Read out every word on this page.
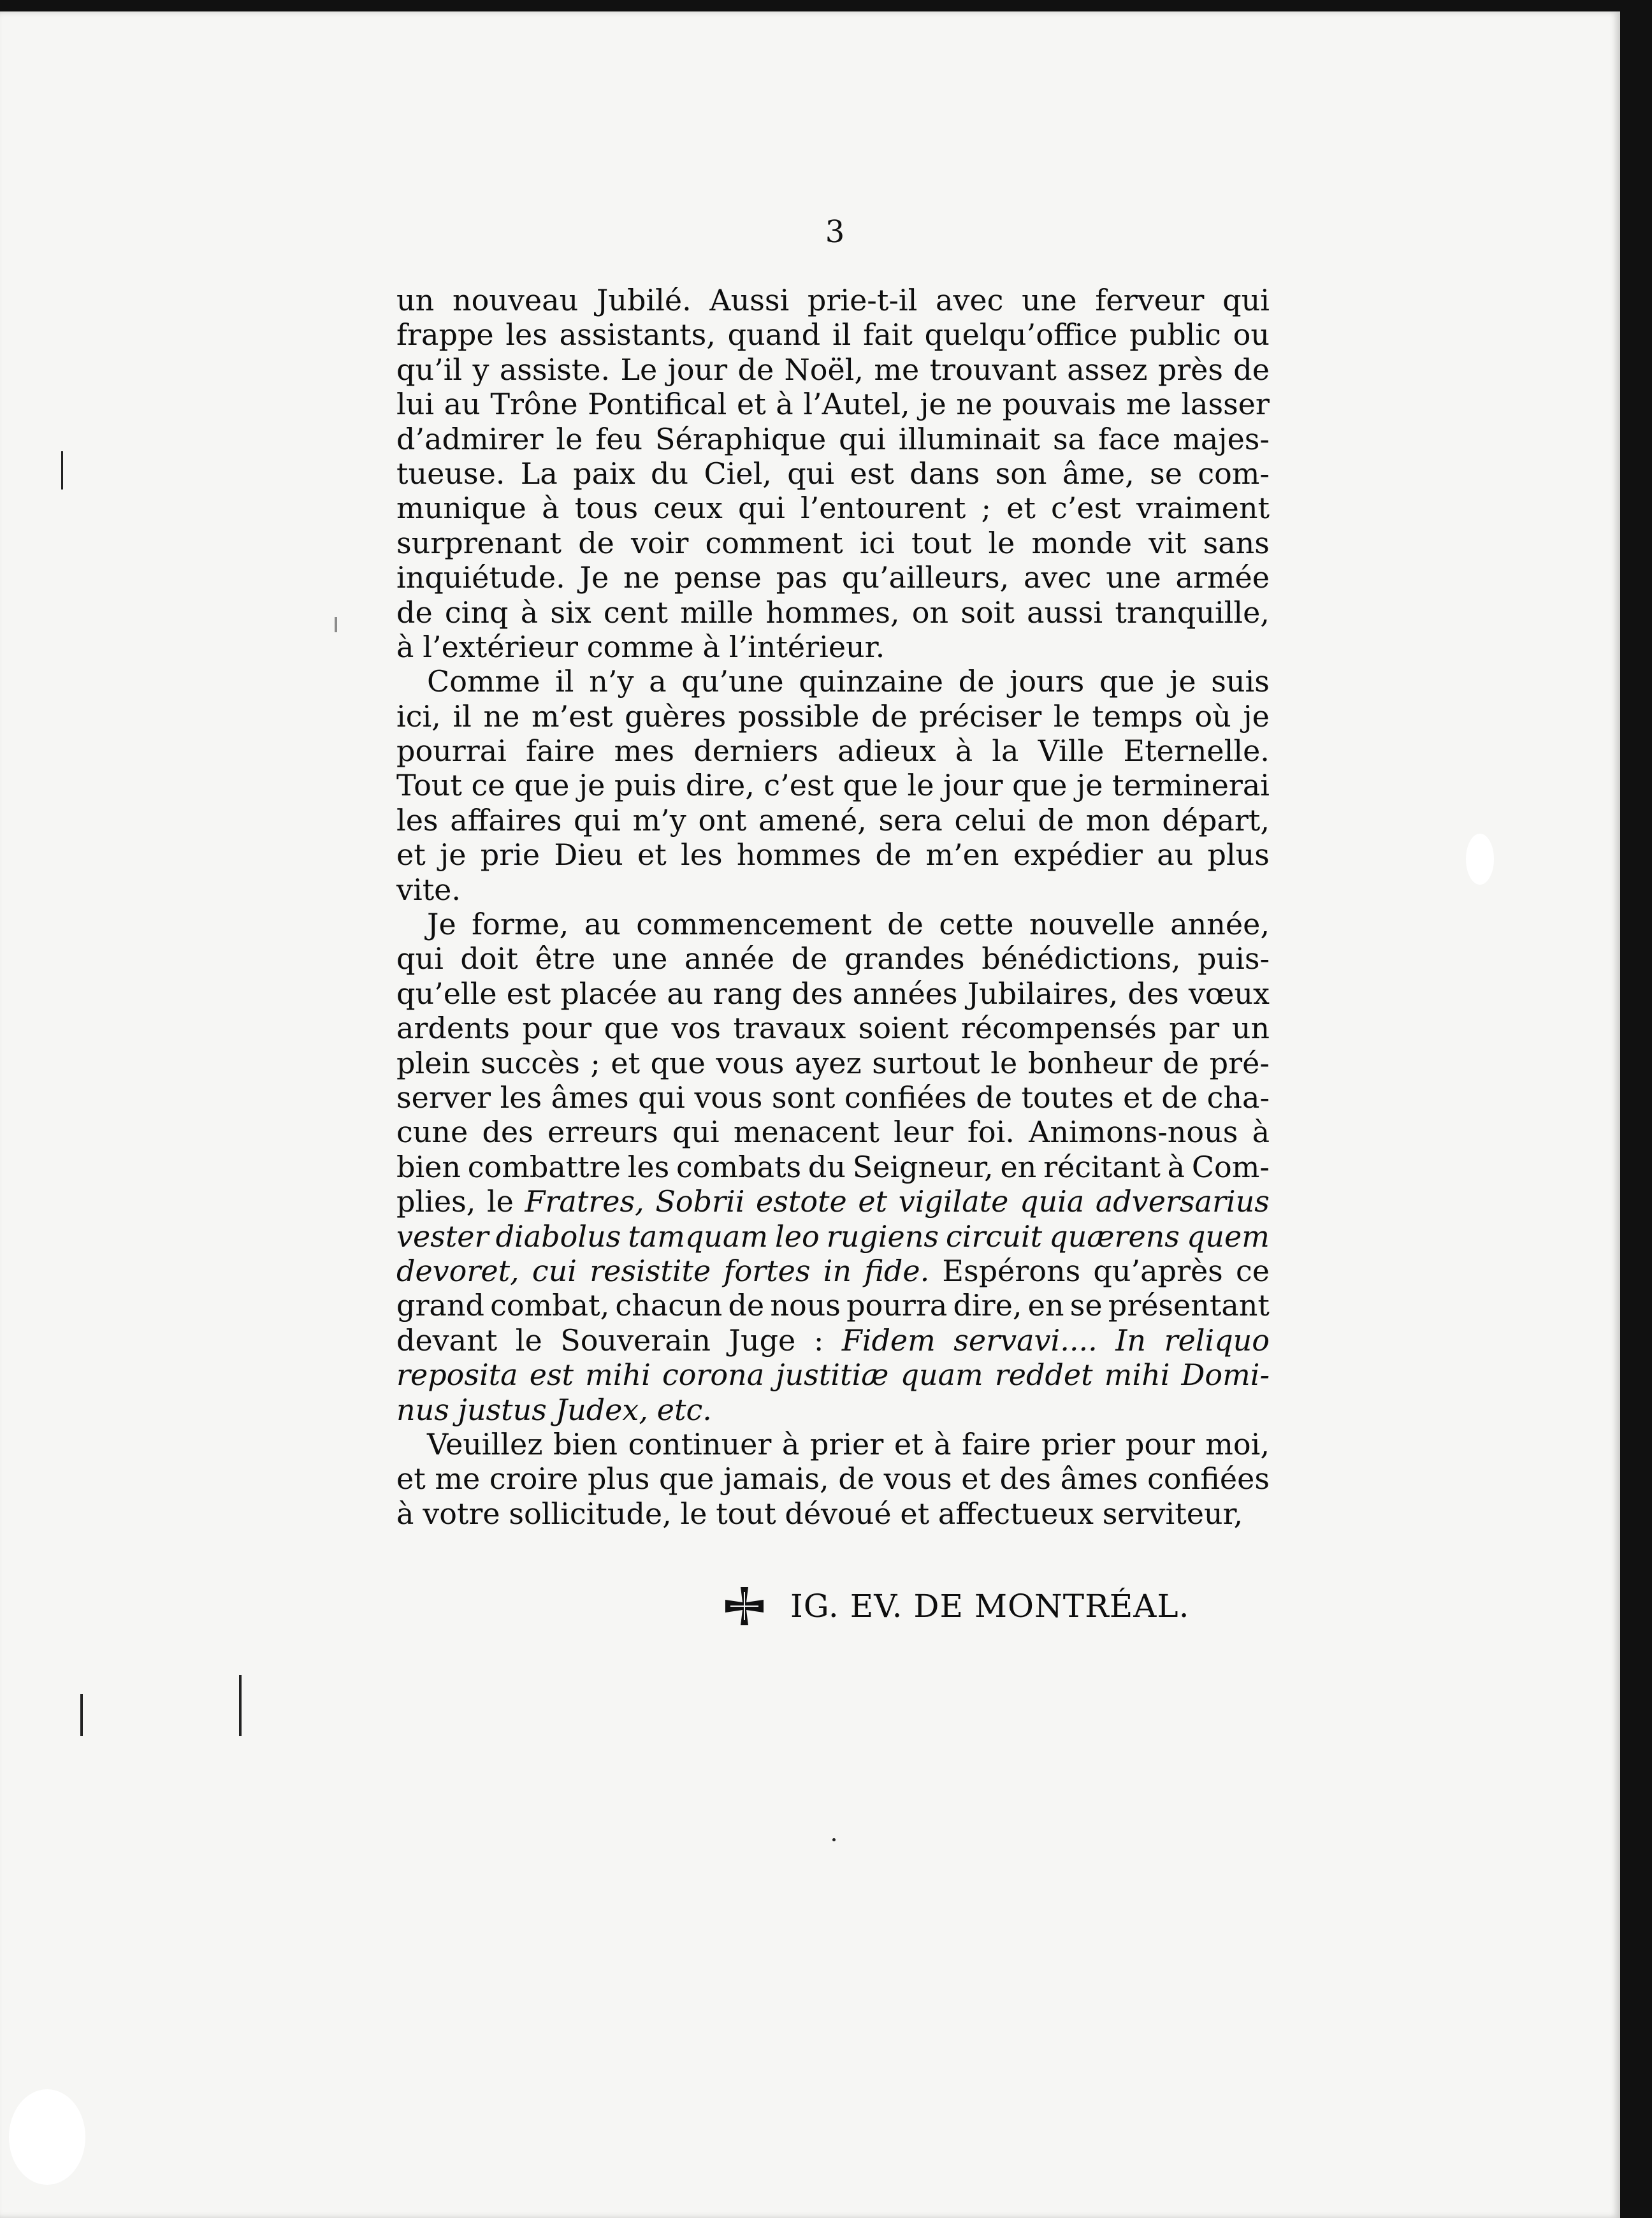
3
un nouveau Jubilé. Aussi prie-t-il avec une ferveur qui
frappe les assistants, quand il fait quelqu’office public ou
qu’il y assiste. Le jour de Noël, me trouvant assez près de
lui au Trône Pontifical et à l’Autel, je ne pouvais me lasser
d’admirer le feu Séraphique qui illuminait sa face majes-
tueuse. La paix du Ciel, qui est dans son âme, se com-
munique à tous ceux qui l’entourent ; et c’est vraiment
surprenant de voir comment ici tout le monde vit sans
inquiétude. Je ne pense pas qu’ailleurs, avec une armée
de cinq à six cent mille hommes, on soit aussi tranquille,
à l’extérieur comme à l’intérieur.
Comme il n’y a qu’une quinzaine de jours que je suis
ici, il ne m’est guères possible de préciser le temps où je
pourrai faire mes derniers adieux à la Ville Eternelle.
Tout ce que je puis dire, c’est que le jour que je terminerai
les affaires qui m’y ont amené, sera celui de mon départ,
et je prie Dieu et les hommes de m’en expédier au plus
vite.
Je forme, au commencement de cette nouvelle année,
qui doit être une année de grandes bénédictions, puis-
qu’elle est placée au rang des années Jubilaires, des vœux
ardents pour que vos travaux soient récompensés par un
plein succès ; et que vous ayez surtout le bonheur de pré-
server les âmes qui vous sont confiées de toutes et de cha-
cune des erreurs qui menacent leur foi. Animons-nous à
bien combattre les combats du Seigneur, en récitant à Com-
plies, le Fratres, Sobrii estote et vigilate quia adversarius
vester diabolus tamquam leo rugiens circuit quærens quem
devoret, cui resistite fortes in fide. Espérons qu’après ce
grand combat, chacun de nous pourra dire, en se présentant
devant le Souverain Juge : Fidem servavi.... In reliquo
reposita est mihi corona justitiæ quam reddet mihi Domi-
nus justus Judex, etc.
Veuillez bien continuer à prier et à faire prier pour moi,
et me croire plus que jamais, de vous et des âmes confiées
à votre sollicitude, le tout dévoué et affectueux serviteur,
IG. EV. DE MONTRÉAL.
